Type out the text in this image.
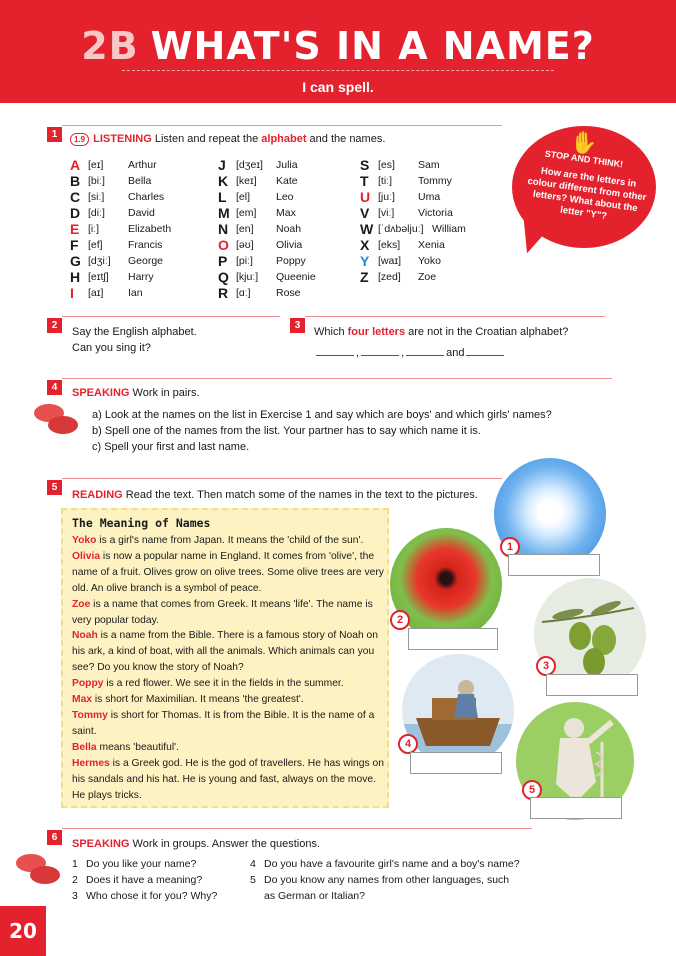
2B WHAT'S IN A NAME?
I can spell.
1	1.9 LISTENING Listen and repeat the alphabet and the names.
A [eɪ] Arthur
B [biː] Bella
C [siː] Charles
D [diː] David
E [iː]	Elizabeth
F [ef] Francis
G [dʒiː] George
H [eɪtʃ] Harry
I [aɪ] Ian
J [dʒeɪ] Julia
K [keɪ] Kate
L [el] Leo
M [em] Max
N [en] Noah
O [əʊ] Olivia
P [piː] Poppy
Q [kjuː] Queenie
R [ɑː] Rose
S [es] Sam
T [tiː] Tommy
U [juː] Uma
V [viː] Victoria
W [ˈdʌbəljuː] William
X [eks] Xenia
Y [waɪ] Yoko
Z [zed] Zoe
✋
STOP AND THINK!
How are the letters in colour different from other letters? What about the letter "Y"?
2
Say the English alphabet.
Can you sing it?
3
Which four letters are not in the Croatian alphabet?
,	,	and
4	SPEAKING Work in pairs.
a) Look at the names on the list in Exercise 1 and say which are boys' and which girls' names?
b) Spell one of the names from the list. Your partner has to say which name it is.
c) Spell your first and last name.
5
READING Read the text. Then match some of the names in the text to the pictures.
The Meaning of Names
Yoko is a girl's name from Japan. It means the 'child of the sun'.
Olivia is now a popular name in England. It comes from 'olive', the name of a fruit. Olives grow on olive trees. Some olive trees are very old. An olive branch is a symbol of peace.
Zoe is a name that comes from Greek. It means 'life'. The name is very popular today.
Noah is a name from the Bible. There is a famous story of Noah on his ark, a kind of boat, with all the animals. Which animals can you see? Do you know the story of Noah?
Poppy is a red flower. We see it in the fields in the summer.
Max is short for Maximilian. It means 'the greatest'.
Tommy is short for Thomas. It is from the Bible. It is the name of a saint.
Bella means 'beautiful'.
Hermes is a Greek god. He is the god of travellers. He has wings on his sandals and his hat. He is young and fast, always on the move. He plays tricks.
1
2
3
4
5
6
SPEAKING Work in groups. Answer the questions.
1 Do you like your name?
2 Does it have a meaning?
3 Who chose it for you? Why?
4 Do you have a favourite girl's name and a boy's name?
5 Do you know any names from other languages, such
as German or Italian?
20
